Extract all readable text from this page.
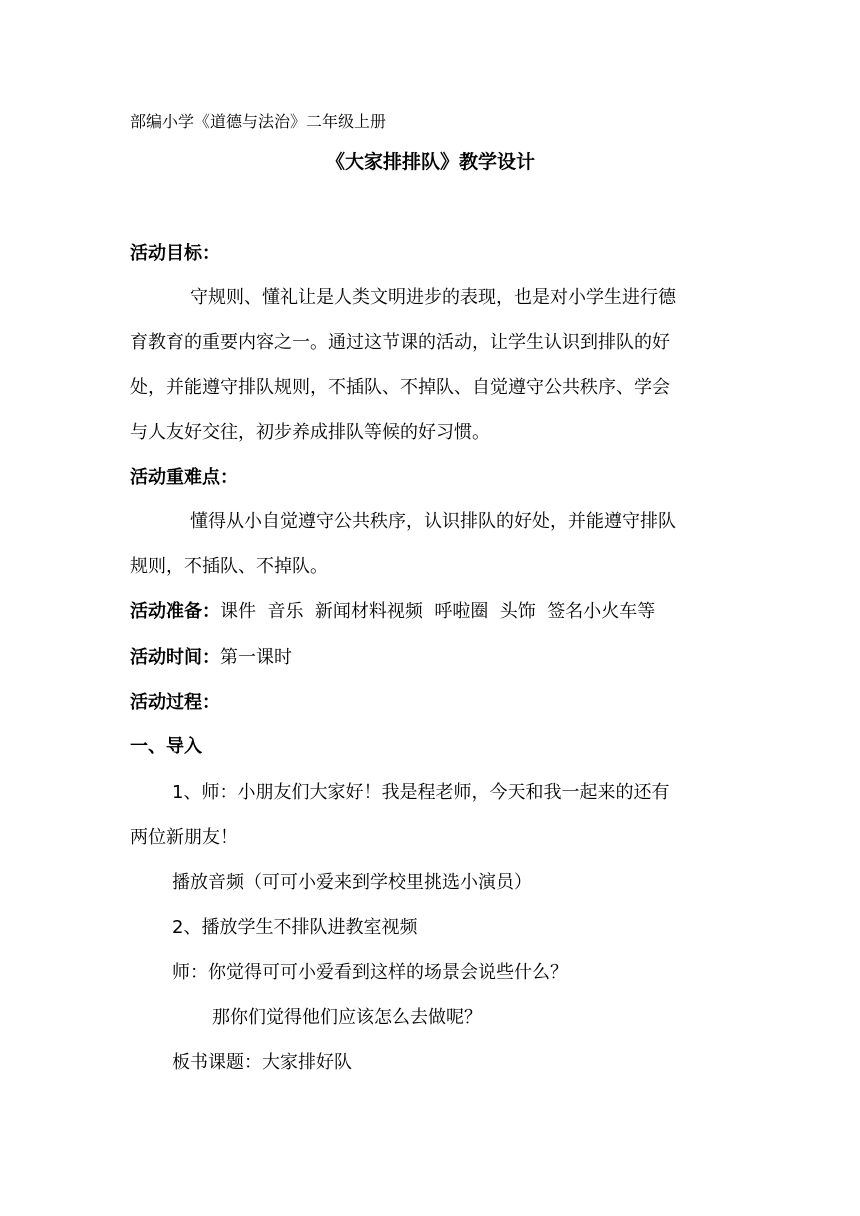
部编小学《道德与法治》二年级上册
《大家排排队》教学设计
活动目标：
守规则、懂礼让是人类文明进步的表现，也是对小学生进行德
育教育的重要内容之一。通过这节课的活动，让学生认识到排队的好
处，并能遵守排队规则，不插队、不掉队、自觉遵守公共秩序、学会
与人友好交往，初步养成排队等候的好习惯。
活动重难点：
懂得从小自觉遵守公共秩序，认识排队的好处，并能遵守排队
规则，不插队、不掉队。
活动准备：课件  音乐  新闻材料视频  呼啦圈  头饰  签名小火车等
活动时间：第一课时
活动过程：
一、导入
1、师：小朋友们大家好！我是程老师，今天和我一起来的还有
两位新朋友！
播放音频（可可小爱来到学校里挑选小演员）
2、播放学生不排队进教室视频
师：你觉得可可小爱看到这样的场景会说些什么？
那你们觉得他们应该怎么去做呢？
板书课题：大家排好队
